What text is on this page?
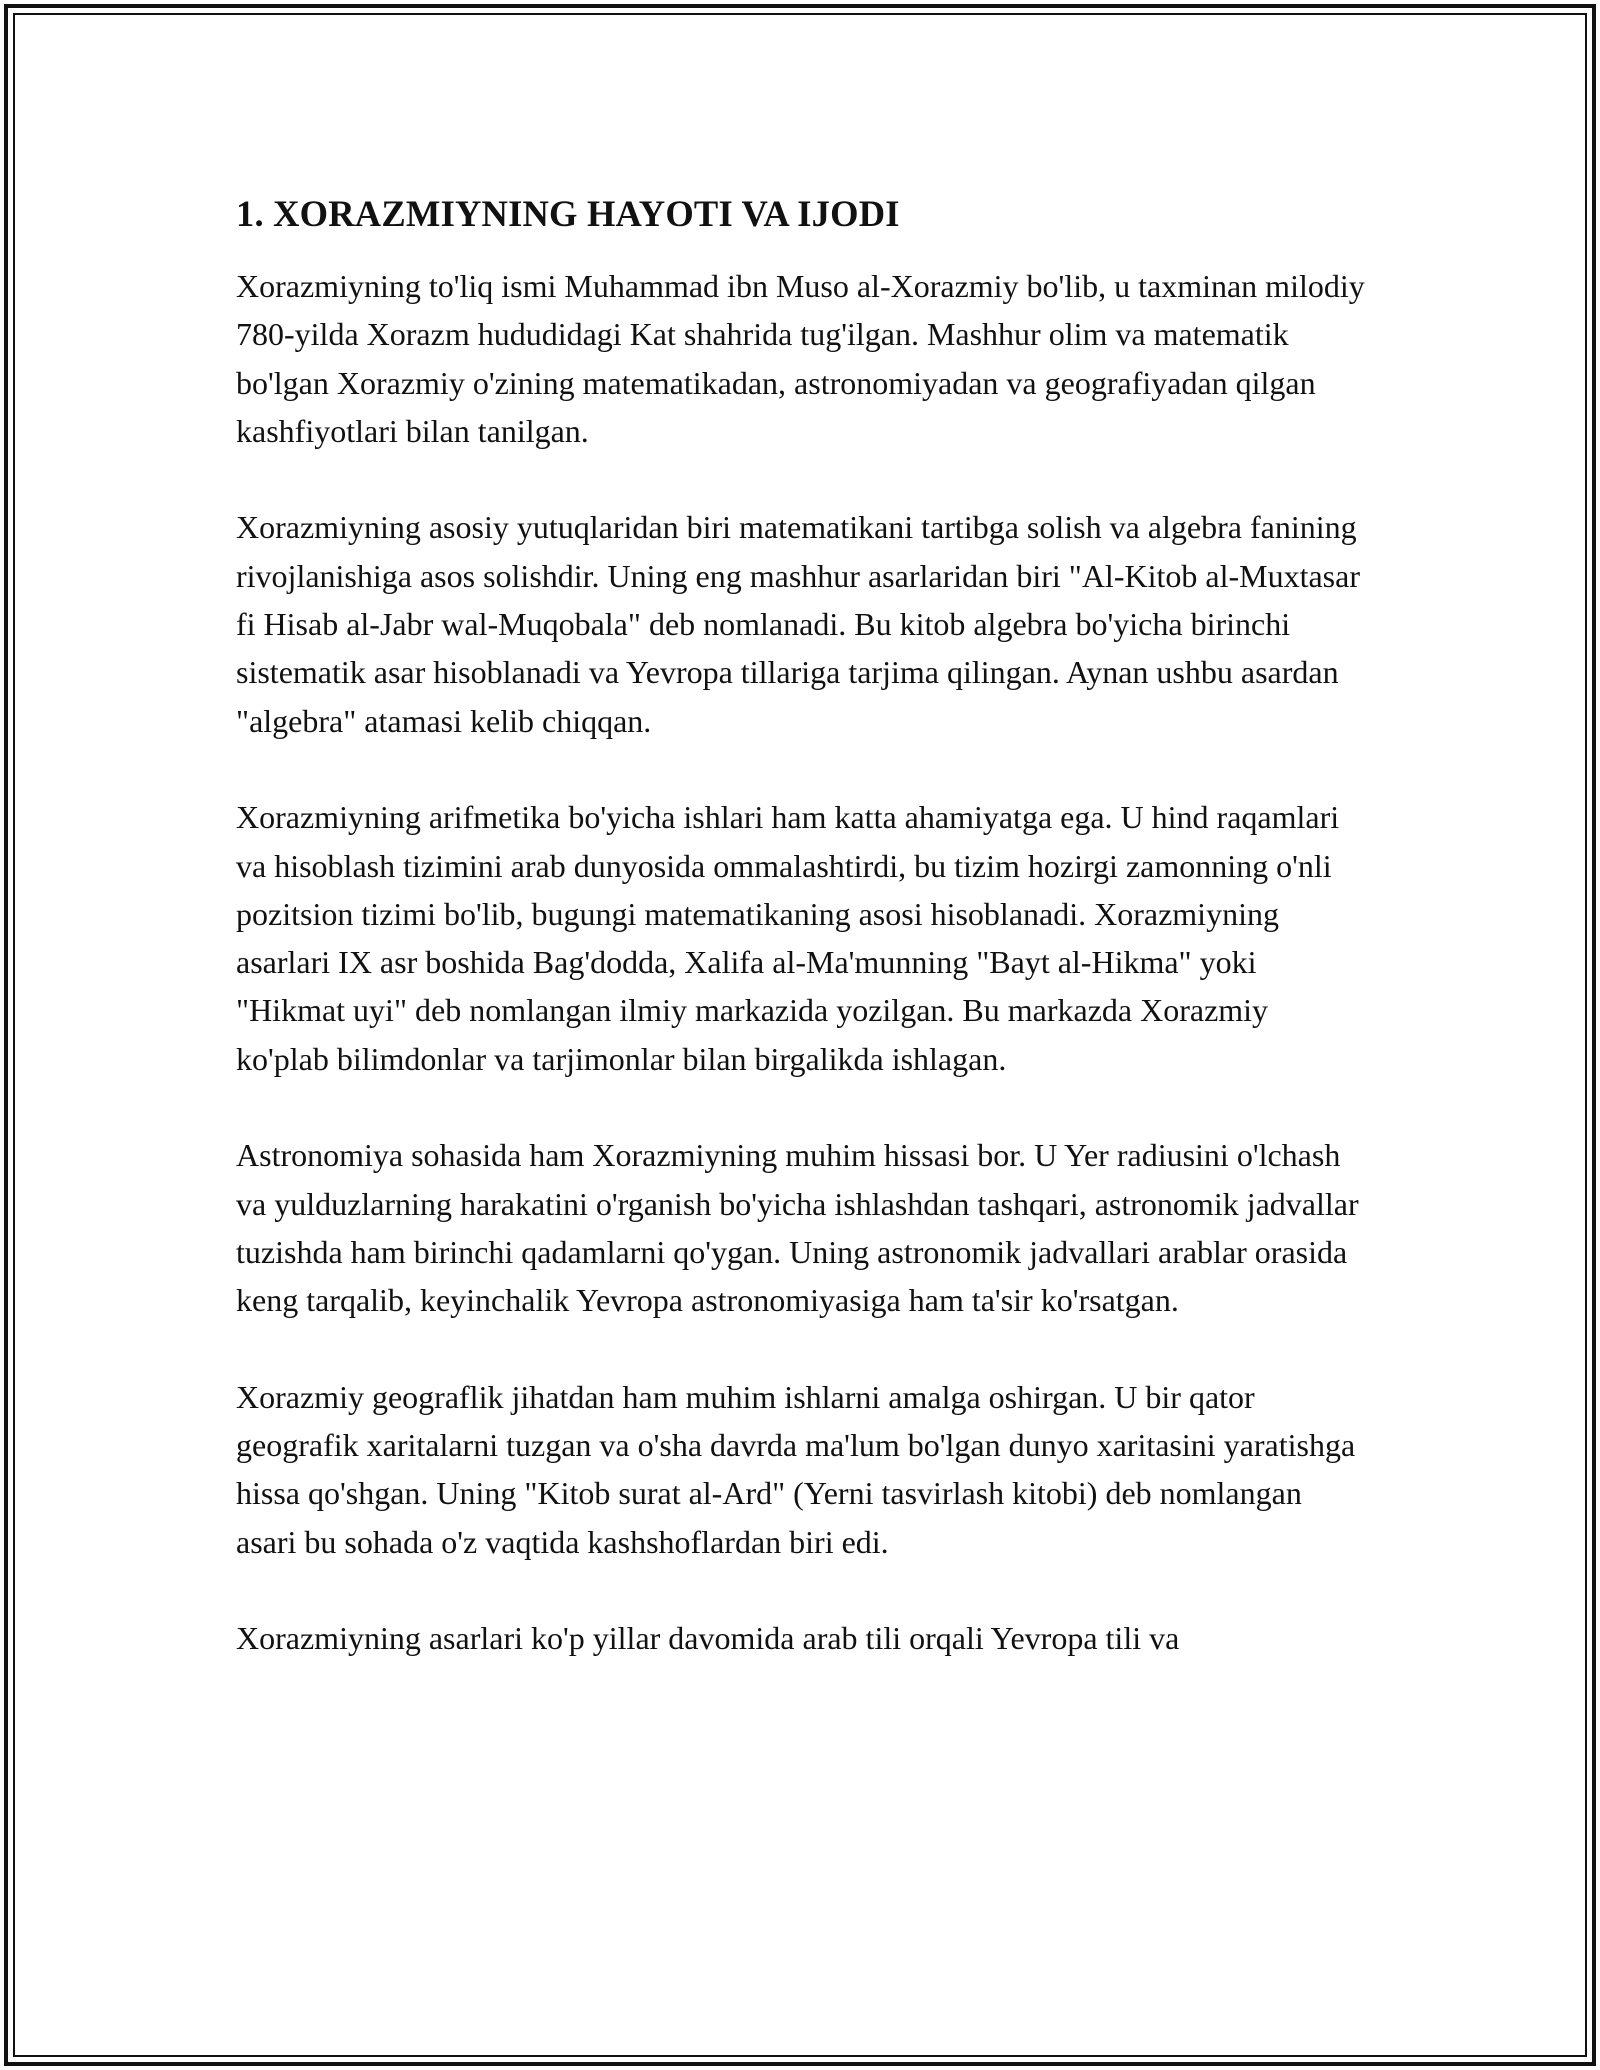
1. XORAZMIYNING HAYOTI VA IJODI

Xorazmiyning to'liq ismi Muhammad ibn Muso al-Xorazmiy bo'lib, u taxminan milodiy 780-yilda Xorazm hududidagi Kat shahrida tug'ilgan. Mashhur olim va matematik bo'lgan Xorazmiy o'zining matematikadan, astronomiyadan va geografiyadan qilgan kashfiyotlari bilan tanilgan.

Xorazmiyning asosiy yutuqlaridan biri matematikani tartibga solish va algebra fanining rivojlanishiga asos solishdir. Uning eng mashhur asarlaridan biri "Al-Kitob al-Muxtasar fi Hisab al-Jabr wal-Muqobala" deb nomlanadi. Bu kitob algebra bo'yicha birinchi sistematik asar hisoblanadi va Yevropa tillariga tarjima qilingan. Aynan ushbu asardan "algebra" atamasi kelib chiqqan.

Xorazmiyning arifmetika bo'yicha ishlari ham katta ahamiyatga ega. U hind raqamlari va hisoblash tizimini arab dunyosida ommalashtirdi, bu tizim hozirgi zamonning o'nli pozitsion tizimi bo'lib, bugungi matematikaning asosi hisoblanadi. Xorazmiyning asarlari IX asr boshida Bag'dodda, Xalifa al-Ma'munning "Bayt al-Hikma" yoki "Hikmat uyi" deb nomlangan ilmiy markazida yozilgan. Bu markazda Xorazmiy ko'plab bilimdonlar va tarjimonlar bilan birgalikda ishlagan.

Astronomiya sohasida ham Xorazmiyning muhim hissasi bor. U Yer radiusini o'lchash va yulduzlarning harakatini o'rganish bo'yicha ishlashdan tashqari, astronomik jadvallar tuzishda ham birinchi qadamlarni qo'ygan. Uning astronomik jadvallari arablar orasida keng tarqalib, keyinchalik Yevropa astronomiyasiga ham ta'sir ko'rsatgan.

Xorazmiy geograflik jihatdan ham muhim ishlarni amalga oshirgan. U bir qator geografik xaritalarni tuzgan va o'sha davrda ma'lum bo'lgan dunyo xaritasini yaratishga hissa qo'shgan. Uning "Kitob surat al-Ard" (Yerni tasvirlash kitobi) deb nomlangan asari bu sohada o'z vaqtida kashshoflardan biri edi.

Xorazmiyning asarlari ko'p yillar davomida arab tili orqali Yevropa tili va
